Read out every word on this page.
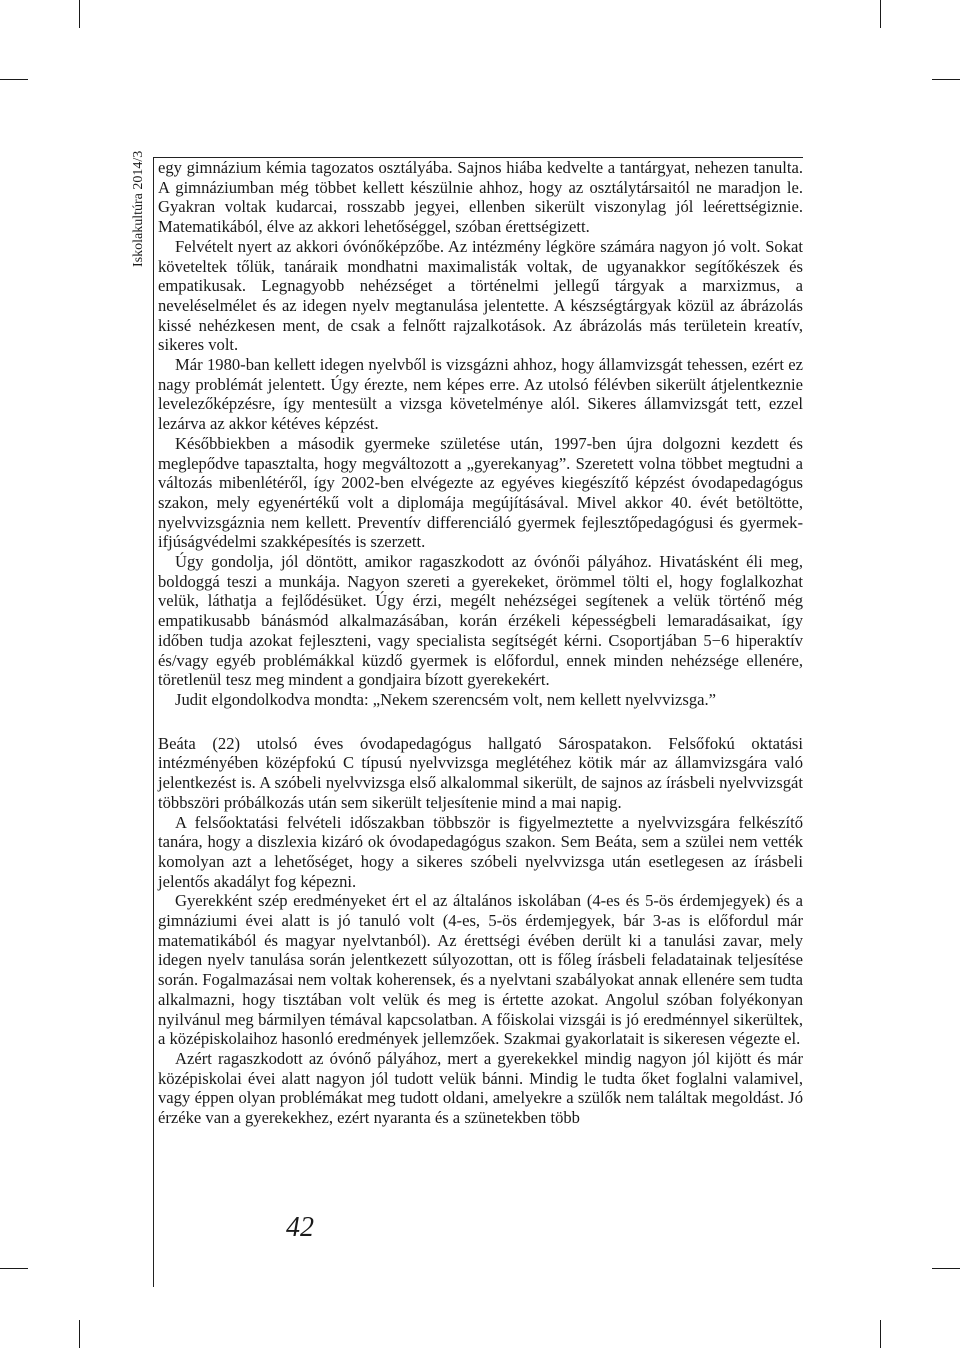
Iskolakultúra 2014/3 egy gimnázium kémia tagozatos osztályába. Sajnos hiába kedvelte a tantárgyat, nehezen tanulta. A gimnáziumban még többet kellett készülnie ahhoz, hogy az osztálytársaitól ne maradjon le. Gyakran voltak kudarcai, rosszabb jegyei, ellenben sikerült viszonylag jól leérettségiznie. Matematikából, élve az akkori lehetőséggel, szóban érettségizett.

Felvételt nyert az akkori óvónőképzőbe. Az intézmény légköre számára nagyon jó volt. Sokat követeltek tőlük, tanáraik mondhatni maximalisták voltak, de ugyanakkor segítőkészek és empatikusak. Legnagyobb nehézséget a történelmi jellegű tárgyak a marxizmus, a neveléselmélet és az idegen nyelv megtanulása jelentette. A készségtárgyak közül az ábrázolás kissé nehézkesen ment, de csak a felnőtt rajzalkotások. Az ábrázolás más területein kreatív, sikeres volt.

Már 1980-ban kellett idegen nyelvből is vizsgázni ahhoz, hogy államvizsgát tehessen, ezért ez nagy problémát jelentett. Úgy érezte, nem képes erre. Az utolsó félévben sikerült átjelentkeznie levelezőképzésre, így mentesült a vizsga követelménye alól. Sikeres államvizsgát tett, ezzel lezárva az akkor kétéves képzést.

Későbbiekben a második gyermeke születése után, 1997-ben újra dolgozni kezdett és meglepődve tapasztalta, hogy megváltozott a „gyerekanyag”. Szeretett volna többet megtudni a változás mibenlétéről, így 2002-ben elvégezte az egyéves kiegészítő képzést óvodapedagógus szakon, mely egyenértékű volt a diplomája megújításával. Mivel akkor 40. évét betöltötte, nyelvvizsgáznia nem kellett. Preventív differenciáló gyermek fejlesztőpedagógusi és gyermek- ifjúságvédelmi szakképesítés is szerzett.

Úgy gondolja, jól döntött, amikor ragaszkodott az óvónői pályához. Hivatásként éli meg, boldoggá teszi a munkája. Nagyon szereti a gyerekeket, örömmel tölti el, hogy foglalkozhat velük, láthatja a fejlődésüket. Úgy érzi, megélt nehézségei segítenek a velük történő még empatikusabb bánásmód alkalmazásában, korán érzékeli képességbeli lemaradásaikat, így időben tudja azokat fejleszteni, vagy specialista segítségét kérni. Csoportjában 5−6 hiperaktív és/vagy egyéb problémákkal küzdő gyermek is előfordul, ennek minden nehézsége ellenére, töretlenül tesz meg mindent a gondjaira bízott gyerekekért.

Judit elgondolkodva mondta: „Nekem szerencsém volt, nem kellett nyelvvizsga.”

Beáta (22) utolsó éves óvodapedagógus hallgató Sárospatakon. Felsőfokú oktatási intézményében középfokú C típusú nyelvvizsga meglétéhez kötik már az államvizsgára való jelentkezést is. A szóbeli nyelvvizsga első alkalommal sikerült, de sajnos az írásbeli nyelvvizsgát többszöri próbálkozás után sem sikerült teljesítenie mind a mai napig.

A felsőoktatási felvételi időszakban többször is figyelmeztette a nyelvvizsgára felkészítő tanára, hogy a diszlexia kizáró ok óvodapedagógus szakon. Sem Beáta, sem a szülei nem vették komolyan azt a lehetőséget, hogy a sikeres szóbeli nyelvvizsga után esetlegesen az írásbeli jelentős akadályt fog képezni.

Gyerekként szép eredményeket ért el az általános iskolában (4-es és 5-ös érdemjegyek) és a gimnáziumi évei alatt is jó tanuló volt (4-es, 5-ös érdemjegyek, bár 3-as is előfordul már matematikából és magyar nyelvtanból). Az érettségi évében derült ki a tanulási zavar, mely idegen nyelv tanulása során jelentkezett súlyozottan, ott is főleg írásbeli feladatainak teljesítése során. Fogalmazásai nem voltak koherensek, és a nyelvtani szabályokat annak ellenére sem tudta alkalmazni, hogy tisztában volt velük és meg is értette azokat. Angolul szóban folyékonyan nyilvánul meg bármilyen témával kapcsolatban. A főiskolai vizsgái is jó eredménnyel sikerültek, a középiskolaihoz hasonló eredmények jellemzőek. Szakmai gyakorlatait is sikeresen végezte el.

Azért ragaszkodott az óvónő pályához, mert a gyerekekkel mindig nagyon jól kijött és már középiskolai évei alatt nagyon jól tudott velük bánni. Mindig le tudta őket foglalni valamivel, vagy éppen olyan problémákat meg tudott oldani, amelyekre a szülők nem találtak megoldást. Jó érzéke van a gyerekekhez, ezért nyaranta és a szünetekben több

42
